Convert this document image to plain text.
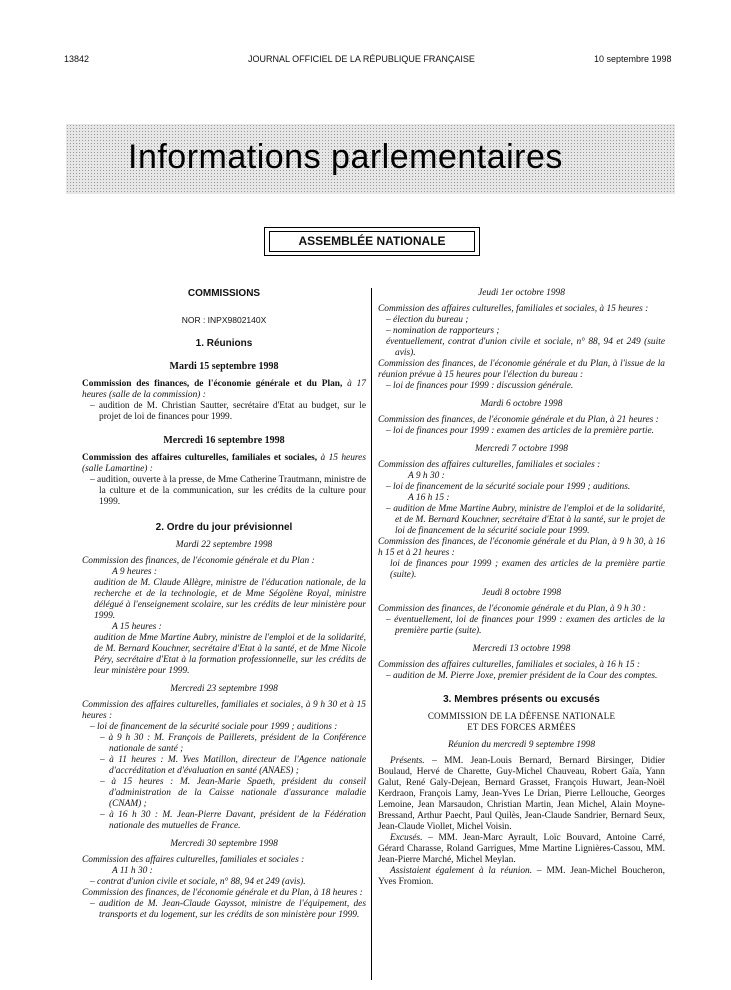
13842	JOURNAL OFFICIEL DE LA RÉPUBLIQUE FRANÇAISE	10 septembre 1998
Informations parlementaires
ASSEMBLÉE NATIONALE
COMMISSIONS
NOR : INPX9802140X
1. Réunions
Mardi 15 septembre 1998

Commission des finances, de l'économie générale et du Plan, à 17 heures (salle de la commission) :

– audition de M. Christian Sautter, secrétaire d'Etat au budget, sur le projet de loi de finances pour 1999.

Mercredi 16 septembre 1998

Commission des affaires culturelles, familiales et sociales, à 15 heures (salle Lamartine) :

– audition, ouverte à la presse, de Mme Catherine Trautmann, ministre de la culture et de la communication, sur les crédits de la culture pour 1999.

2. Ordre du jour prévisionnel
Mardi 22 septembre 1998

Commission des finances, de l'économie générale et du Plan :

A 9 heures :

audition de M. Claude Allègre, ministre de l'éducation nationale, de la recherche et de la technologie, et de Mme Ségolène Royal, ministre délégué à l'enseignement scolaire, sur les crédits de leur ministère pour 1999.

A 15 heures :

audition de Mme Martine Aubry, ministre de l'emploi et de la solidarité, de M. Bernard Kouchner, secrétaire d'Etat à la santé, et de Mme Nicole Péry, secrétaire d'Etat à la formation professionnelle, sur les crédits de leur ministère pour 1999.

Mercredi 23 septembre 1998

Commission des affaires culturelles, familiales et sociales, à 9 h 30 et à 15 heures :

– loi de financement de la sécurité sociale pour 1999 ; auditions :

– à 9 h 30 : M. François de Paillerets, président de la Conférence nationale de santé ;

– à 11 heures : M. Yves Matillon, directeur de l'Agence nationale d'accréditation et d'évaluation en santé (ANAES) ;

– à 15 heures : M. Jean-Marie Spaeth, président du conseil d'administration de la Caisse nationale d'assurance maladie (CNAM) ;

– à 16 h 30 : M. Jean-Pierre Davant, président de la Fédération nationale des mutuelles de France.

Mercredi 30 septembre 1998

Commission des affaires culturelles, familiales et sociales :

A 11 h 30 :

– contrat d'union civile et sociale, n° 88, 94 et 249 (avis).

Commission des finances, de l'économie générale et du Plan, à 18 heures :

– audition de M. Jean-Claude Gayssot, ministre de l'équipement, des transports et du logement, sur les crédits de son ministère pour 1999.

Jeudi 1er octobre 1998

Commission des affaires culturelles, familiales et sociales, à 15 heures :

– élection du bureau ;

– nomination de rapporteurs ;

éventuellement, contrat d'union civile et sociale, n° 88, 94 et 249 (suite avis).

Commission des finances, de l'économie générale et du Plan, à l'issue de la réunion prévue à 15 heures pour l'élection du bureau :

– loi de finances pour 1999 : discussion générale.

Mardi 6 octobre 1998

Commission des finances, de l'économie générale et du Plan, à 21 heures :

– loi de finances pour 1999 : examen des articles de la première partie.

Mercredi 7 octobre 1998

Commission des affaires culturelles, familiales et sociales :

A 9 h 30 :

– loi de financement de la sécurité sociale pour 1999 ; auditions.

A 16 h 15 :

– audition de Mme Martine Aubry, ministre de l'emploi et de la solidarité, et de M. Bernard Kouchner, secrétaire d'Etat à la santé, sur le projet de loi de financement de la sécurité sociale pour 1999.

Commission des finances, de l'économie générale et du Plan, à 9 h 30, à 16 h 15 et à 21 heures :

loi de finances pour 1999 ; examen des articles de la première partie (suite).

Jeudi 8 octobre 1998

Commission des finances, de l'économie générale et du Plan, à 9 h 30 :

– éventuellement, loi de finances pour 1999 : examen des articles de la première partie (suite).

Mercredi 13 octobre 1998

Commission des affaires culturelles, familiales et sociales, à 16 h 15 :

– audition de M. Pierre Joxe, premier président de la Cour des comptes.

3. Membres présents ou excusés
COMMISSION DE LA DÉFENSE NATIONALE
ET DES FORCES ARMÉES
Réunion du mercredi 9 septembre 1998

Présents. – MM. Jean-Louis Bernard, Bernard Birsinger, Didier Boulaud, Hervé de Charette, Guy-Michel Chauveau, Robert Gaïa, Yann Galut, René Galy-Dejean, Bernard Grasset, François Huwart, Jean-Noël Kerdraon, François Lamy, Jean-Yves Le Drian, Pierre Lellouche, Georges Lemoine, Jean Marsaudon, Christian Martin, Jean Michel, Alain Moyne-Bressand, Arthur Paecht, Paul Quilès, Jean-Claude Sandrier, Bernard Seux, Jean-Claude Viollet, Michel Voisin.

Excusés. – MM. Jean-Marc Ayrault, Loïc Bouvard, Antoine Carré, Gérard Charasse, Roland Garrigues, Mme Martine Lignières-Cassou, MM. Jean-Pierre Marché, Michel Meylan.

Assistaient également à la réunion. – MM. Jean-Michel Boucheron, Yves Fromion.
